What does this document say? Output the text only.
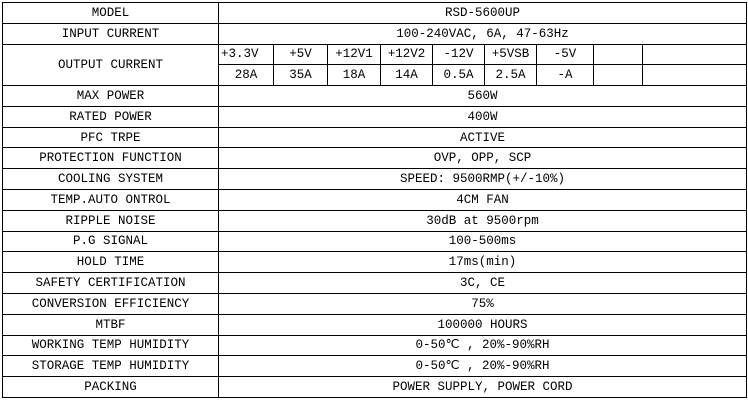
MODEL	RSD-5600UP								
INPUT CURRENT	100-240VAC, 6A, 47-63Hz								
OUTPUT CURRENT	+3.3V	+5V	+12V1	+12V2	-12V	+5VSB	-5V		
	28A	35A	18A	14A	0.5A	2.5A	-A		
MAX POWER	560W								
RATED POWER	400W								
PFC TRPE	ACTIVE								
PROTECTION FUNCTION	OVP, OPP, SCP								
COOLING SYSTEM	SPEED: 9500RMP(+/-10%)								
TEMP.AUTO ONTROL	4CM FAN								
RIPPLE NOISE	30dB at 9500rpm								
P.G SIGNAL	100-500ms								
HOLD TIME	17ms(min)								
SAFETY CERTIFICATION	3C, CE								
CONVERSION EFFICIENCY	75%								
MTBF	100000 HOURS								
WORKING TEMP HUMIDITY	0-50℃ , 20%-90%RH								
STORAGE TEMP HUMIDITY	0-50℃ , 20%-90%RH								
PACKING	POWER SUPPLY, POWER CORD								
